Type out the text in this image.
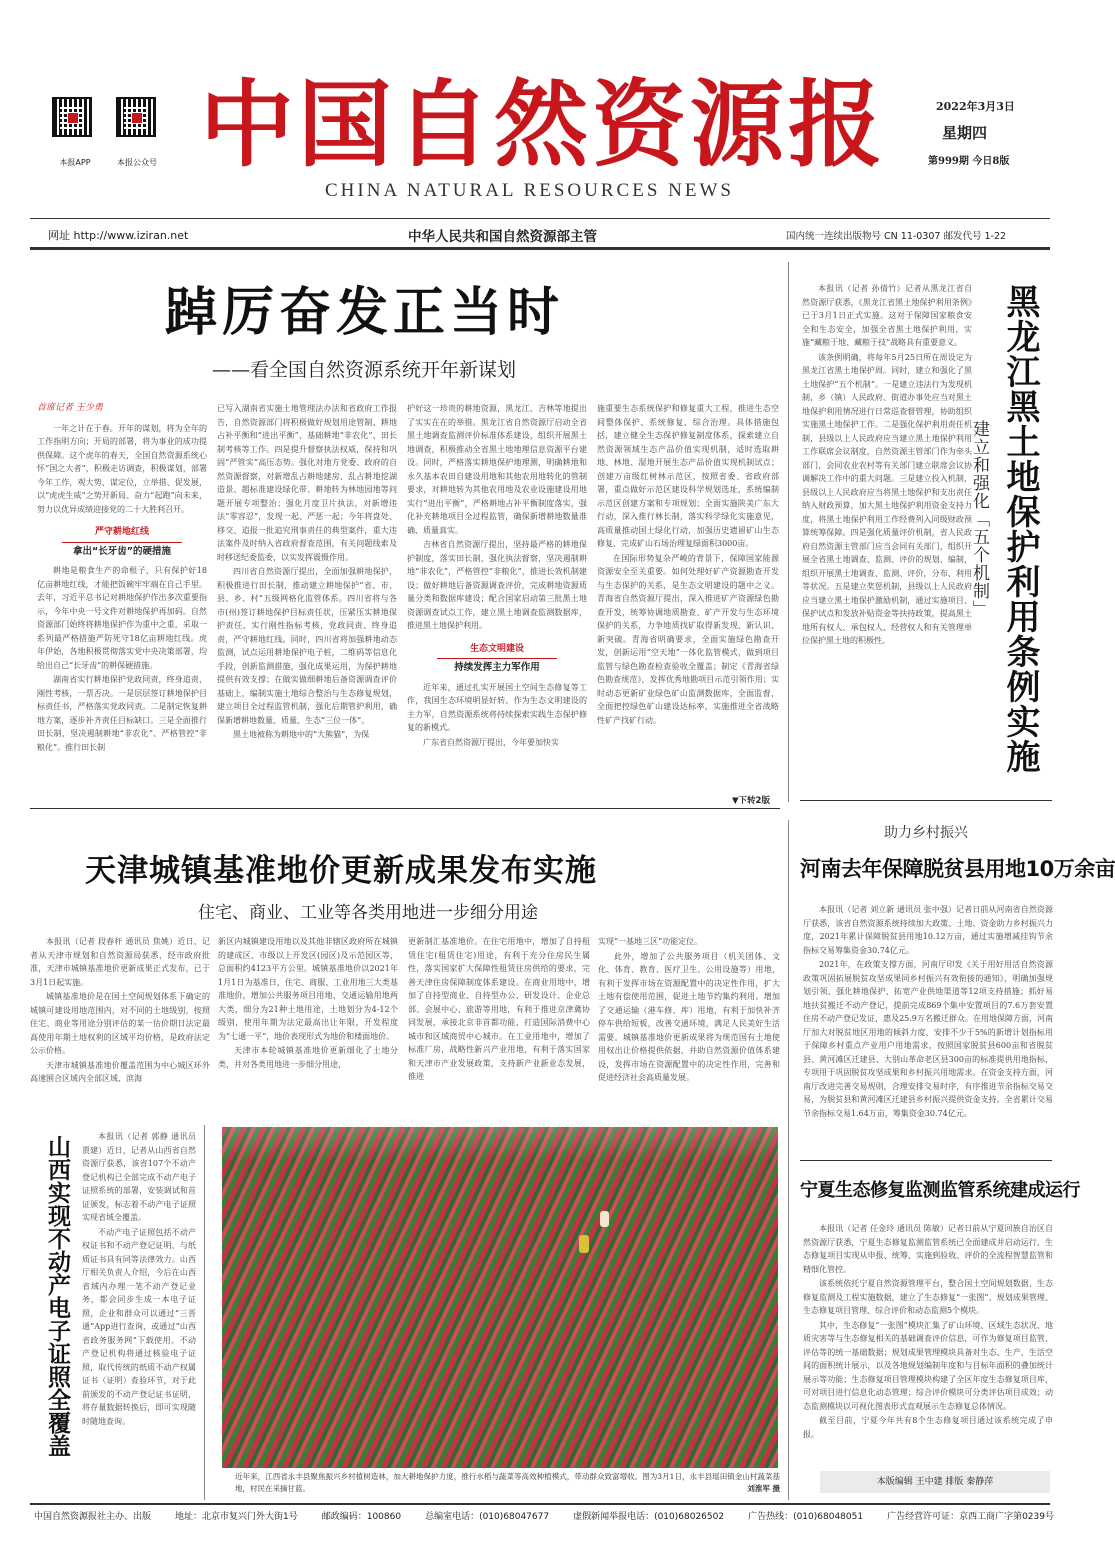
本报APP	本报公众号 中国自然资源报
CHINA NATURAL RESOURCES NEWS
2022年3月3日
星期四
第999期 今日8版
网址 http://www.iziran.net	中华人民共和国自然资源部主管	国内统一连续出版物号 CN 11-0307 邮发代号 1-22
踔厉奋发正当时
——看全国自然资源系统开年新谋划
首席记者 王少勇

一年之计在于春。开年的谋划，将为全年的工作指明方向；开局的部署，将为事业的成功提供保障。这个虎年的春天，全国自然资源系统心怀“国之大者”，积极走访调查，积极谋划，部署今年工作，观大势、谋定位，立举措、促发展，以“虎虎生威”之势开新局、奋力“起跑”向未来，努力以优异成绩迎接党的二十大胜利召开。

严守耕地红线
拿出“长牙齿”的硬措施

耕地是粮食生产的命根子，只有保护好18亿亩耕地红线，才能把饭碗牢牢端在自己手里。去年，习近平总书记对耕地保护作出多次重要指示，今年中央一号文件对耕地保护再加码。自然资源部门始终将耕地保护作为重中之重，采取一系列最严格措施严防死守18亿亩耕地红线。虎年伊始，各地积极贯彻落实党中央决策部署，均给出自己“长牙齿”的耕保硬措施。

湖南省实行耕地保护党政同责，终身追责，刚性考核，一票否决。一是层层签订耕地保护目标责任书，严格落实党政同责。二是制定恢复耕地方案，逐步补齐责任目标缺口。三是全面推行田长制，坚决遏制耕地“非农化”、严格管控“非粮化”。推行田长制

已写入湖南省实施土地管理法办法和省政府工作报告，自然资源部门将积极做好规划用途管制、耕地占补平衡和“进出平衡”、基础耕地“非农化”、田长制考核等工作。四是提升督察执法权威，保持和巩固“严管实”高压态势。强化对地方党委、政府的自然资源督察，对新增乱占耕地建房、乱占耕地挖湖造景、超标准建设绿化带、耕地转为林地园地等问题开展专项整治；强化月度卫片执法，对新增违法“零容忍”，发现一起、严惩一起；今年将盘处、移交、追报一批追究刑事责任的典型案件，重大违法案件及时纳入省政府督查范围，有关问题线索及时移送纪委监委，以实发挥震慑作用。

四川省自然资源厅提出，全面加强耕地保护，积极推进行田长制，推动建立耕地保护“省、市、县、乡、村”五级网格化监管体系。四川省将与各市(州)签订耕地保护目标责任状，压紧压实耕地保护责任，实行刚性指标考核，党政同责、终身追责，严守耕地红线。同时，四川省将加强耕地动态监测，试点运用耕地保护电子桩，二维码等信息化手段，创新监测措施，强化成果运用，为保护耕地提供有效支撑；在做实做细耕地后备资源调查评价基础上，编制实施土地综合整治与生态修复规划，建立项目全过程监管机制，强化后期管护利用，确保新增耕地数量、质量、生态“三位一体”。

黑土地被称为耕地中的“大熊猫”，为保

护好这一珍贵的耕地资源，黑龙江、吉林等地提出了实实在在的举措。黑龙江省自然资源厅启动全省黑土地调查监测评价标准体系建设，组织开展黑土地调查，积极推动全省黑土地地理信息资源平台建设。同时，严格落实耕地保护地理测，明确耕地和永久基本农田自建设用地和其他农用地转化的管制要求，对耕地转为其他农用地及农业设施建设用地实行“进出平衡”，严格耕地占补平衡制度落实，强化补充耕地项目全过程监管，确保新增耕地数量准确、质量真实。

吉林省自然资源厅提出，坚持最严格的耕地保护制度，落实田长制，强化执法督察，坚决遏制耕地“非农化”，严格管控“非粮化”，推进长效机制建设；做好耕地后备资源调查评价，完成耕地资源质量分类和数据库建设；配合国家启动第三批黑土地资源调查试点工作，建立黑土地调查监测数据库，推进黑土地保护利用。

生态文明建设
持续发挥主力军作用

近年来，通过扎实开展国土空间生态修复等工作，我国生态环境明显好转。作为生态文明建设的主力军，自然资源系统将持续探索实践生态保护修复的新模式。

广东省自然资源厅提出，今年要加快实

施重要生态系统保护和修复重大工程，推进生态空间整体保护、系统修复、综合治理。具体措施包括，建立健全生态保护修复制度体系，探索建立自然资源领域生态产品价值实现机制，适时选取耕地、林地、湿地开展生态产品价值实现机制试点；创建万亩级红树林示范区，按照省委、省政府部署，重点做好示范区建设科学规划选址，系统编制示范区创建方案和专项规划；全面实施陕美广东大行动，深入推行林长制，落实科学绿化实施意见，高质量推动国土绿化行动，加强历史遗留矿山生态修复，完成矿山石场治理复绿面积3000亩。

在国际形势复杂严峻的背景下，保障国家能源资源安全至关重要。如何处理好矿产资源勘查开发与生态保护的关系，是生态文明建设的题中之义。青海省自然资源厅提出，深入推进矿产资源绿色勘查开发，统筹协调地质勘查、矿产开发与生态环境保护的关系，力争地质找矿取得新发现、新认识、新突破。青海省明确要求，全面实施绿色勘查开发，创新运用“空天地”一体化监管模式，做到项目监管与绿色勘查检查验收全覆盖；制定《青海省绿色勘查规范》，发挥优秀地勘项目示范引领作用；实时动态更新矿业绿色矿山监测数据库，全面监督，全面把控绿色矿山建设达标率，实施推进全省战略性矿产找矿行动。

▼下转2版

本报讯（记者 孙倩竹）记者从黑龙江省自然资源厅获悉，《黑龙江省黑土地保护利用条例》已于3月1日正式实施。这对于保障国家粮食安全和生态安全，加强全省黑土地保护利用，实施“藏粮于地、藏粮于技”战略具有重要意义。

该条例明确，将每年5月25日所在周设定为黑龙江省黑土地保护周。同时，建立和强化了黑土地保护“五个机制”。一是建立违法行为发现机制，乡（镇）人民政府、街道办事处应当对黑土地保护利用情况进行日常巡查督管理，协助组织实施黑土地保护工作。二是强化保护利用责任机制，县级以上人民政府应当建立黑土地保护利用工作联席会议制度，自然资源主管部门作为牵头部门，会同农业农村等有关部门建立联席会议协调解决工作中的重大问题。三是建立投入机制，县级以上人民政府应当将黑土地保护和支出责任纳入财政预算，加大黑土地保护利用资金支持力度，将黑土地保护利用工作经费列入同级财政预算统筹保障。四是强化质量评价机制，省人民政府自然资源主管部门应当会同有关部门，组织开展全省黑土地调查、监测、评价的规划、编制，组织开展黑土地调查、监测、评价，分布、利用等状况。五是建立奖惩机制，县级以上人民政府应当建立黑土地保护激励机制，通过实施项目、保护试点和发放补贴资金等扶持政策，提高黑土地所有权人、承包权人、经营权人和有关管理单位保护黑土地的积极性。	黑龙江黑土地保护利用条例实施
建立和强化「五个机制」
助力乡村振兴
河南去年保障脱贫县用地10万余亩

本报讯（记者 刘立新 通讯员 张中强）记者日前从河南省自然资源厅获悉，该省自然资源系统持续加大政策、土地、资金助力乡村振兴力度，2021年累计保障脱贫县用地10.12万亩，通过实施增减挂钩节余指标交易筹集资金30.74亿元。

2021年，在政策支撑方面，河南厅印发《关于用好用活自然资源政策巩固拓展脱贫攻坚成果同乡村振兴有效衔接的通知》，明确加强规划引领、强化耕地保护、拓宽产业供地渠道等12项支持措施；抓好易地扶贫搬迁不动产登记，提前完成869个集中安置项目的7.6万套安置住房不动产登记发证，惠及25.9万名搬迁群众。在用地保障方面，河南厅加大对脱贫地区用地的倾斜力度，安排不少于5%的新增计划指标用于保障乡村重点产业用户用地需求，按照国家脱贫县600亩和省脱贫县、黄河滩区迁建县、大别山革命老区县300亩的标准提供用地指标，专项用于巩固脱贫攻坚成果和乡村振兴用地需求。在资金支持方面，河南厅改进完善交易规则，合理安排交易时序，有序推进节余指标交易交易，为脱贫县和黄河滩区迁建县乡村振兴提供资金支持。全省累计交易节余指标交易1.64万亩，筹集资金30.74亿元。

宁夏生态修复监测监管系统建成运行

本报讯（记者 任金玲 通讯员 陈敏）记者日前从宁夏回族自治区自然资源厅获悉，宁夏生态修复监测监管系统已全面建成并启动运行，生态修复项目实现从申报、统筹、实施到验收、评价的全流程智慧监管和精细化管控。

该系统依托宁夏自然资源管理平台，整合国土空间规划数据、生态修复监测及工程实施数据，建立了生态修复“一张图”、规划成果管理、生态修复项目管理、综合评价和动态监测5个模块。

其中，生态修复“一张图”模块汇集了矿山环境、区域生态状况、地质灾害等与生态修复相关的基础调查评价信息，可作为修复项目监管、评估等的统一基础数据；规划成果管理模块具备对生态、生产、生活空间的面积统计展示，以及各地规划编制年度和与目标年面积的叠加统计展示等功能；生态修复项目管理模块构建了全区年度生态修复项目库，可对项目进行信息化动态管理；综合评价模块可分类评估项目成效；动态监测模块以可视化图表形式直观展示生态修复总体情况。

截至目前，宁夏今年共有8个生态修复项目通过该系统完成了申报。

本版编辑 王中建 排版 秦静萍
天津城镇基准地价更新成果发布实施
住宅、商业、工业等各类用地进一步细分用途

本报讯（记者 段春秆 通讯员 焦姚）近日，记者从天津市规划和自然资源局获悉，经市政府批准，天津市城镇基准地价更新成果正式发布，已于3月1日起实施。

城镇基准地价是在国土空间规划体系下确定的城镇可建设用地范围内，对不同的土地级别，按照住宅、商业等用途分别评估的某一估价期日法定最高使用年期土地权利的区域平均价格，是政府法定公示价格。

天津市城镇基准地价覆盖范围为中心城区环外高速围合区域内全部区域、滨海

新区内城镇建设用地以及其他非辖区政府所在城镇的建成区、市级以上开发区(园区)及示范园区等，总面积约4123平方公里。城镇基准地价以2021年1月1日为基准日，住宅、商服、工业用地三大类基准地价，增加公共服务项目用地、交通运输用地两大类，细分为21种土地用途，土地划分为4-12个级别，使用年期为法定最高出让年限，开发程度为“七通一平”，地价表现形式为地价和楼面地价。

天津市本轮城镇基准地价更新细化了土地分类，并对各类用地进一步细分用途，

更新制汇基准地价。在住宅用地中，增加了自持租赁住宅(租赁住宅)用途，有利于充分住房民生属性，落实国家扩大保障性租赁住房供给的要求，完善天津住房保障制度体系建设。在商业用地中，增加了自持型商业、自持型办公、研发设计、企业总部、会展中心、旅游等用地，有利于推进京津冀协同发展，承接北京非首都功能、打造国际消费中心城市和区域商贸中心城市。在工业用地中，增加了标准厂房，战略性新兴产业用地，有利于落实国家和天津市产业发展政策，支持新产业新业态发展，推进

实现“一基地三区”功能定位。

此外，增加了公共服务项目（机关团体、文化、体育、教育、医疗卫生、公用设施等）用地，有利于发挥市场在资源配置中的决定性作用，扩大土地有偿使用范围，促进土地节约集约利用。增加了交通运输（港车修、库）用地，有利于加快补齐停车供给短板，改善交通环境，满足人民美好生活需要。城镇基准地价更新成果将为规范国有土地使用权出让价格提供依据，并助自然资源价值体系建设，发挥市场在资源配置中的决定性作用，完善和促进经济社会高质量发展。

山西实现不动产电子证照全覆盖	本报讯（记者 郭静 通讯员 贾建）近日，记者从山西省自然资源厅获悉，该省107个不动产登记机构已全部完成不动产电子证照系统的部署，安装调试和首证颁发，标志着不动产电子证照实现省域全覆盖。

不动产电子证照包括不动产权证书和不动产登记证明，与纸质证书具有同等法律效力。山西厅相关负责人介绍，今后在山西省域内办理一笔不动产登记业务，都会同步生成一本电子证照，企业和群众可以通过“三晋通”App进行查询，或通过“山西省政务服务网”下载使用。不动产登记机构将通过核验电子证照，取代传统的纸质不动产权属证书（证明）查验环节，对于此前颁发的不动产登记证书证明，将存量数据转换后，即可实现随时随地查询。

近年来，江西省永丰县聚焦振兴乡村植树造林，加大耕地保护力度，推行水稻与蔬菜等高效种植模式，带动群众致富增收。图为3月1日，永丰县瑶田镇金山村蔬菜基地，村民在采摘甘蓝。	刘淮军 摄
中国自然资源报社主办、出版	地址：北京市复兴门外大街1号	邮政编码：100860	总编室电话：(010)68047677	虚假新闻举报电话：(010)68026502	广告热线：(010)68048051	广告经营许可证：京西工商广字第0239号
